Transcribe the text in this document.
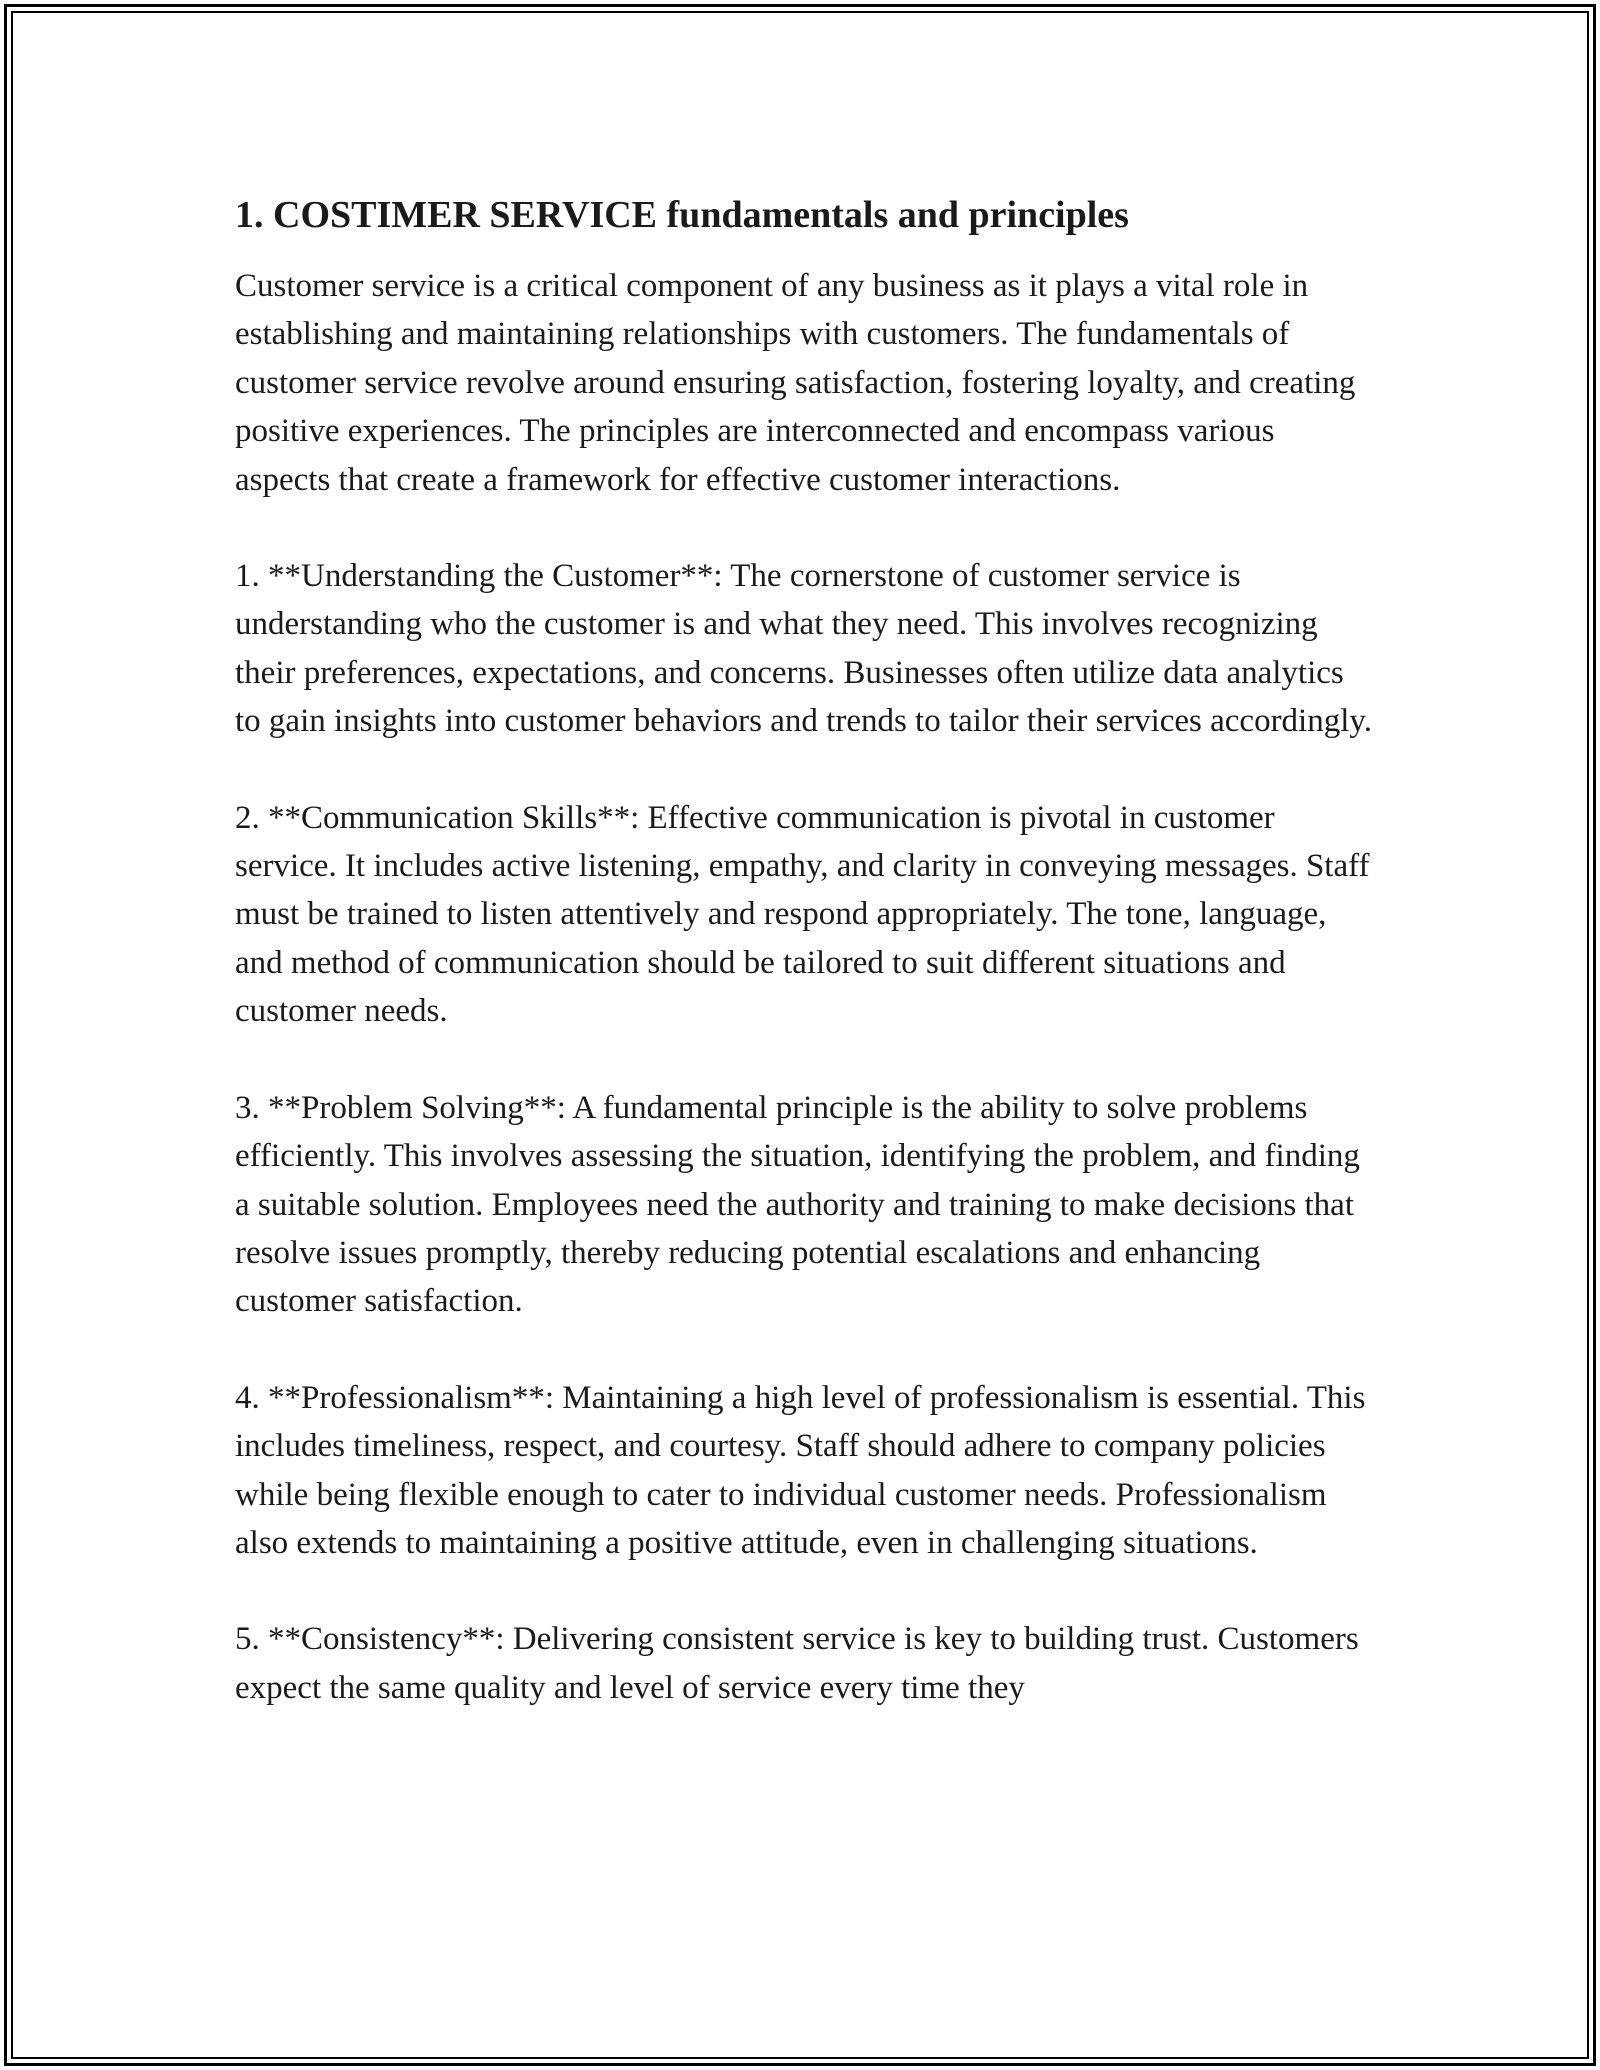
1. COSTIMER SERVICE fundamentals and principles

Customer service is a critical component of any business as it plays a vital role in establishing and maintaining relationships with customers. The fundamentals of customer service revolve around ensuring satisfaction, fostering loyalty, and creating positive experiences. The principles are interconnected and encompass various aspects that create a framework for effective customer interactions.

1. **Understanding the Customer**: The cornerstone of customer service is understanding who the customer is and what they need. This involves recognizing their preferences, expectations, and concerns. Businesses often utilize data analytics to gain insights into customer behaviors and trends to tailor their services accordingly.

2. **Communication Skills**: Effective communication is pivotal in customer service. It includes active listening, empathy, and clarity in conveying messages. Staff must be trained to listen attentively and respond appropriately. The tone, language, and method of communication should be tailored to suit different situations and customer needs.

3. **Problem Solving**: A fundamental principle is the ability to solve problems efficiently. This involves assessing the situation, identifying the problem, and finding a suitable solution. Employees need the authority and training to make decisions that resolve issues promptly, thereby reducing potential escalations and enhancing customer satisfaction.

4. **Professionalism**: Maintaining a high level of professionalism is essential. This includes timeliness, respect, and courtesy. Staff should adhere to company policies while being flexible enough to cater to individual customer needs. Professionalism also extends to maintaining a positive attitude, even in challenging situations.

5. **Consistency**: Delivering consistent service is key to building trust. Customers expect the same quality and level of service every time they
